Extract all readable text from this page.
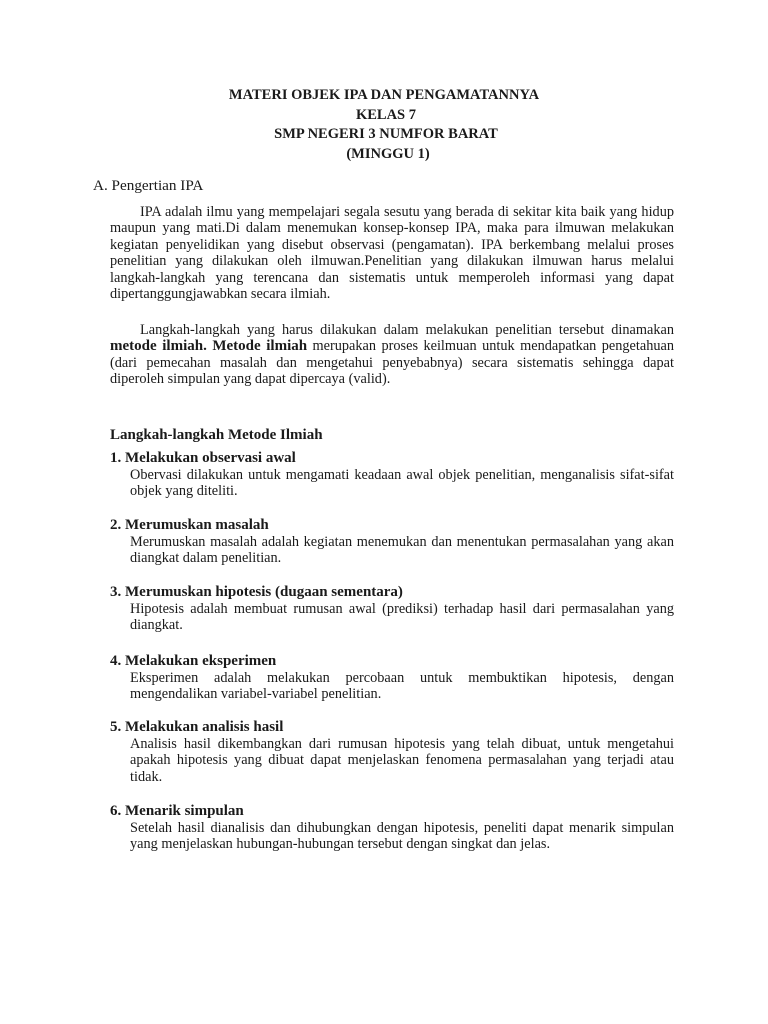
MATERI OBJEK IPA DAN PENGAMATANNYA
KELAS 7
SMP NEGERI 3 NUMFOR BARAT
(MINGGU 1)
A. Pengertian IPA
IPA adalah ilmu yang mempelajari segala sesutu yang berada di sekitar kita baik yang hidup maupun yang mati.Di dalam menemukan konsep-konsep IPA, maka para ilmuwan melakukan kegiatan penyelidikan yang disebut observasi (pengamatan). IPA berkembang melalui proses penelitian yang dilakukan oleh ilmuwan.Penelitian yang dilakukan ilmuwan harus melalui langkah-langkah yang terencana dan sistematis untuk memperoleh informasi yang dapat dipertanggungjawabkan secara ilmiah.
Langkah-langkah yang harus dilakukan dalam melakukan penelitian tersebut dinamakan metode ilmiah. Metode ilmiah merupakan proses keilmuan untuk mendapatkan pengetahuan (dari pemecahan masalah dan mengetahui penyebabnya) secara sistematis sehingga dapat diperoleh simpulan yang dapat dipercaya (valid).
Langkah-langkah Metode Ilmiah
1. Melakukan observasi awal
Obervasi dilakukan untuk mengamati keadaan awal objek penelitian, menganalisis sifat-sifat objek yang diteliti.
2. Merumuskan masalah
Merumuskan masalah adalah kegiatan menemukan dan menentukan permasalahan yang akan diangkat dalam penelitian.
3. Merumuskan hipotesis (dugaan sementara)
Hipotesis adalah membuat rumusan awal (prediksi) terhadap hasil dari permasalahan yang diangkat.
4. Melakukan eksperimen
Eksperimen adalah melakukan percobaan untuk membuktikan hipotesis, dengan mengendalikan variabel-variabel penelitian.
5. Melakukan analisis hasil
Analisis hasil dikembangkan dari rumusan hipotesis yang telah dibuat, untuk mengetahui apakah hipotesis yang dibuat dapat menjelaskan fenomena permasalahan yang terjadi atau tidak.
6. Menarik simpulan
Setelah hasil dianalisis dan dihubungkan dengan hipotesis, peneliti dapat menarik simpulan yang menjelaskan hubungan-hubungan tersebut dengan singkat dan jelas.
